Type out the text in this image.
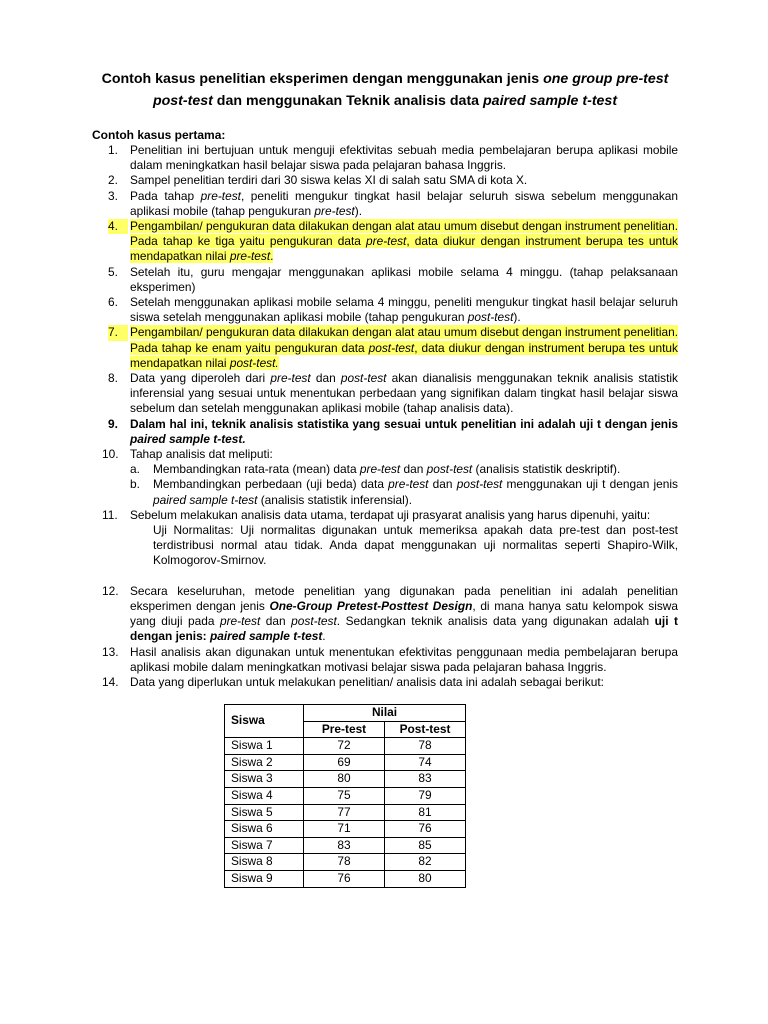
Contoh kasus penelitian eksperimen dengan menggunakan jenis one group pre-test post-test dan menggunakan Teknik analisis data paired sample t-test
Contoh kasus pertama:
1.	Penelitian ini bertujuan untuk menguji efektivitas sebuah media pembelajaran berupa aplikasi mobile dalam meningkatkan hasil belajar siswa pada pelajaran bahasa Inggris.
2.	Sampel penelitian terdiri dari 30 siswa kelas XI di salah satu SMA di kota X.
3.	Pada tahap pre-test, peneliti mengukur tingkat hasil belajar seluruh siswa sebelum menggunakan aplikasi mobile (tahap pengukuran pre-test).
4.	Pengambilan/ pengukuran data dilakukan dengan alat atau umum disebut dengan instrument penelitian. Pada tahap ke tiga yaitu pengukuran data pre-test, data diukur dengan instrument berupa tes untuk mendapatkan nilai pre-test.
5.	Setelah itu, guru mengajar menggunakan aplikasi mobile selama 4 minggu. (tahap pelaksanaan eksperimen)
6.	Setelah menggunakan aplikasi mobile selama 4 minggu, peneliti mengukur tingkat hasil belajar seluruh siswa setelah menggunakan aplikasi mobile (tahap pengukuran post-test).
7.	Pengambilan/ pengukuran data dilakukan dengan alat atau umum disebut dengan instrument penelitian. Pada tahap ke enam yaitu pengukuran data post-test, data diukur dengan instrument berupa tes untuk mendapatkan nilai post-test.
8.	Data yang diperoleh dari pre-test dan post-test akan dianalisis menggunakan teknik analisis statistik inferensial yang sesuai untuk menentukan perbedaan yang signifikan dalam tingkat hasil belajar siswa sebelum dan setelah menggunakan aplikasi mobile (tahap analisis data).
9.	Dalam hal ini, teknik analisis statistika yang sesuai untuk penelitian ini adalah uji t dengan jenis paired sample t-test.
10. Tahap analisis dat meliputi:
a. Membandingkan rata-rata (mean) data pre-test dan post-test (analisis statistik deskriptif).
b. Membandingkan perbedaan (uji beda) data pre-test dan post-test menggunakan uji t dengan jenis paired sample t-test (analisis statistik inferensial).
11.	Sebelum melakukan analisis data utama, terdapat uji prasyarat analisis yang harus dipenuhi, yaitu:
Uji Normalitas: Uji normalitas digunakan untuk memeriksa apakah data pre-test dan post-test terdistribusi normal atau tidak. Anda dapat menggunakan uji normalitas seperti Shapiro-Wilk, Kolmogorov-Smirnov.
12. Secara keseluruhan, metode penelitian yang digunakan pada penelitian ini adalah penelitian eksperimen dengan jenis One-Group Pretest-Posttest Design, di mana hanya satu kelompok siswa yang diuji pada pre-test dan post-test. Sedangkan teknik analisis data yang digunakan adalah uji t dengan jenis: paired sample t-test.
13. Hasil analisis akan digunakan untuk menentukan efektivitas penggunaan media pembelajaran berupa aplikasi mobile dalam meningkatkan motivasi belajar siswa pada pelajaran bahasa Inggris.
14. Data yang diperlukan untuk melakukan penelitian/ analisis data ini adalah sebagai berikut:
Siswa	Nilai	
	Pre-test	Post-test
Siswa 1	72	78
Siswa 2	69	74
Siswa 3	80	83
Siswa 4	75	79
Siswa 5	77	81
Siswa 6	71	76
Siswa 7	83	85
Siswa 8	78	82
Siswa 9	76	80
